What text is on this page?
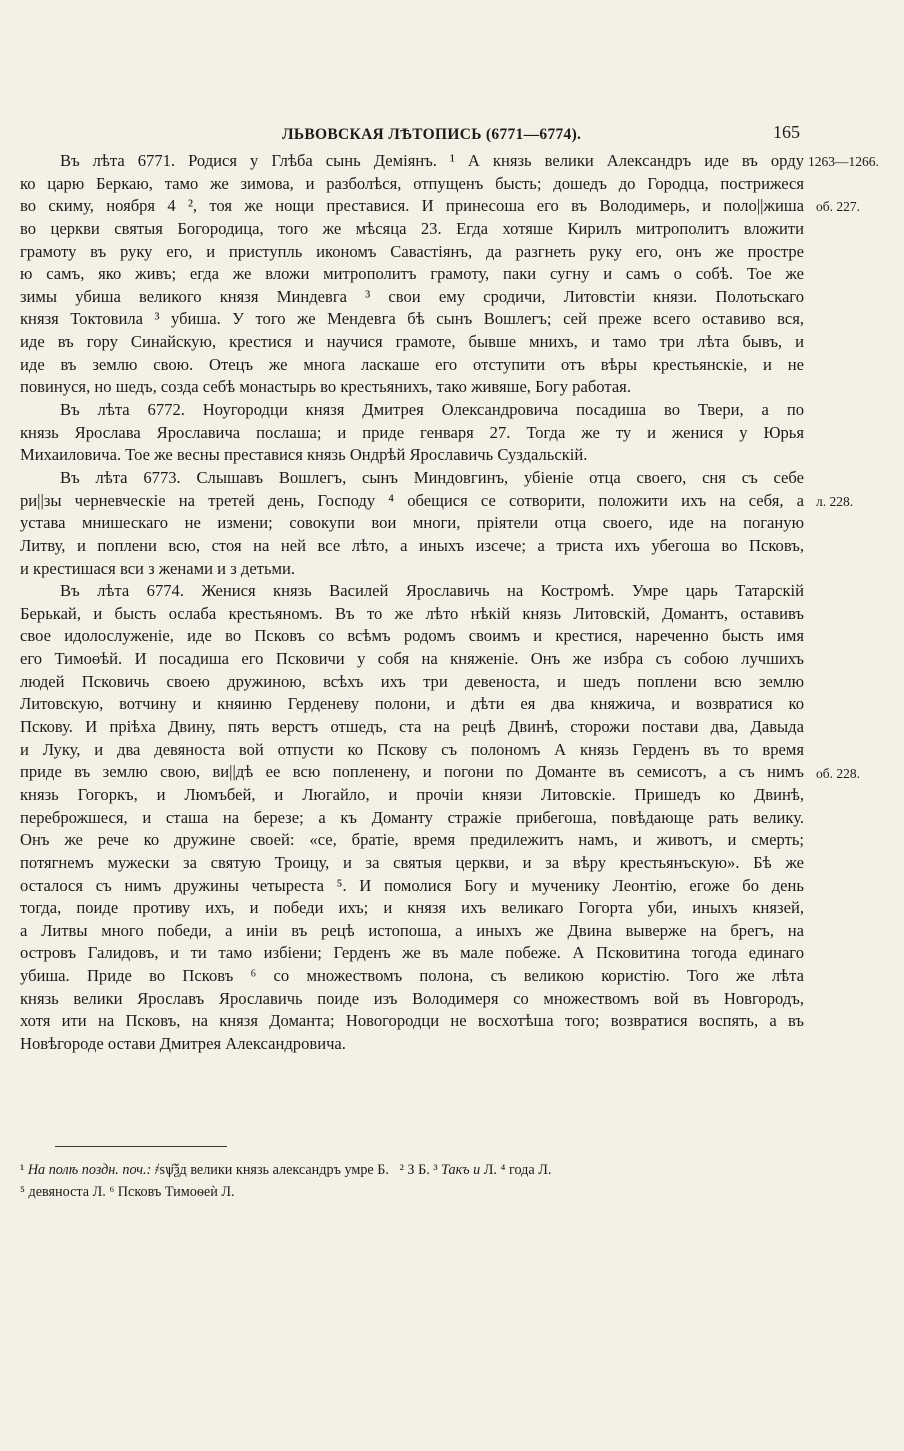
ЛЬВОВСКАЯ ЛѢТОПИСЬ (6771—6774).	165
Въ лѣта 6771. Родися у Глѣба сынь Деміянъ. ¹ А князь велики Александръ иде въ орду
ко царю Беркаю, тамо же зимова, и разболѣся, отпущенъ бысть; дошедъ до Городца, пострижеся
во скиму, ноября 4 ², тоя же нощи преставися. И принесоша его въ Володимерь, и поло||жиша
во церкви святыя Богородица, того же мѣсяца 23. Егда хотяше Кирилъ митрополитъ вложити
грамоту въ руку его, и приступль икономъ Савастіянъ, да разгнеть руку его, онъ же простре
ю самъ, яко живъ; егда же вложи митрополитъ грамоту, паки сугну и самъ о собѣ. Тое же
зимы убиша великого князя Миндевга ³ свои ему сродичи, Литовстіи князи. Полотьскаго
князя Токтовила ³ убиша. У того же Мендевга бѣ сынъ Вошлегъ; сей преже всего оставиво вся,
иде въ гору Синайскую, крестися и научися грамоте, бывше мнихъ, и тамо три лѣта бывъ, и
иде въ землю свою. Отецъ же многа ласкаше его отступити отъ вѣры крестьянскіе, и не
повинуся, но шедъ, созда себѣ монастырь во крестьянихъ, тако живяше, Богу работая.
Въ лѣта 6772. Ноугородци князя Дмитрея Олександровича посадиша во Твери, а по
князь Ярослава Ярославича послаша; и приде генваря 27. Тогда же ту и женися у Юрья
Михаиловича. Тое же весны преставися князь Ондрѣй Ярославичь Суздальскій.
Въ лѣта 6773. Слышавъ Вошлегъ, сынъ Миндовгинъ, убіеніе отца своего, сня съ себе
ри||зы черневческіе на третей день, Господу ⁴ обещися се сотворити, положити ихъ на себя, а
устава мнишескаго не измени; совокупи вои многи, пріятели отца своего, иде на поганую
Литву, и поплени всю, стоя на ней все лѣто, а иныхъ изсече; а триста ихъ убегоша во Псковъ,
и крестишася вси з женами и з детьми.
Въ лѣта 6774. Женися князь Василей Ярославичь на Костромѣ. Умре царь Татарскій
Берькай, и бысть ослаба крестьяномъ. Въ то же лѣто нѣкій князь Литовскій, Домантъ, оставивъ
свое идолослуженіе, иде во Псковъ со всѣмъ родомъ своимъ и крестися, нареченно бысть имя
его Тимоѳѣй. И посадиша его Псковичи у собя на княженіе. Онъ же избра съ собою лучшихъ
людей Псковичь своею дружиною, всѣхъ ихъ три девеноста, и шедъ поплени всю землю
Литовскую, вотчину и княиню Герденеву полони, и дѣти ея два княжича, и возвратися ко
Пскову. И пріѣха Двину, пять верстъ отшедъ, ста на рецѣ Двинѣ, сторожи постави два, Давыда
и Луку, и два девяноста вой отпусти ко Пскову съ полономъ А князь Герденъ въ то время
приде въ землю свою, ви||дѣ ее всю попленену, и погони по Доманте въ семисотъ, а съ нимъ
князь Гогоркъ, и Люмъбей, и Люгайло, и прочіи князи Литовскіе. Пришедъ ко Двинѣ,
переброжшеся, и сташа на березе; а къ Доманту стражіе прибегоша, повѣдающе рать велику.
Онъ же рече ко дружине своей: «се, братіе, время предилежитъ намъ, и животъ, и смерть;
потягнемъ мужески за святую Троицу, и за святыя церкви, и за вѣру крестьянъскую». Бѣ же
осталося съ нимъ дружины четыреста ⁵. И помолися Богу и мученику Леонтію, егоже бо день
тогда, поиде противу ихъ, и победи ихъ; и князя ихъ великаго Гогорта уби, иныхъ князей,
а Литвы много победи, а иніи въ рецѣ истопоша, а иныхъ же Двина выверже на брегъ, на
островъ Галидовъ, и ти тамо избіени; Герденъ же въ мале побеже. А Псковитина тогода единаго
убиша. Приде во Псковъ ⁶ со множествомъ полона, съ великою користію. Того же лѣта
князь велики Ярославъ Ярославичь поиде изъ Володимеря со множествомъ вой въ Новгородъ,
хотя ити на Псковъ, на князя Доманта; Новогородци не восхотѣша того; возвратися воспять, а въ
Новѣгороде остави Дмитрея Александровича.
1263—1266.
об. 227.
л. 228.
об. 228.
¹ На полѣ поздн. поч.: ҂ѕѱ҃ѯд велики князь александръ умре Б. ² З Б. ³ Такъ и Л. ⁴ года Л.
⁵ девяноста Л. ⁶ Псковъ Тимоѳеѝ Л.
